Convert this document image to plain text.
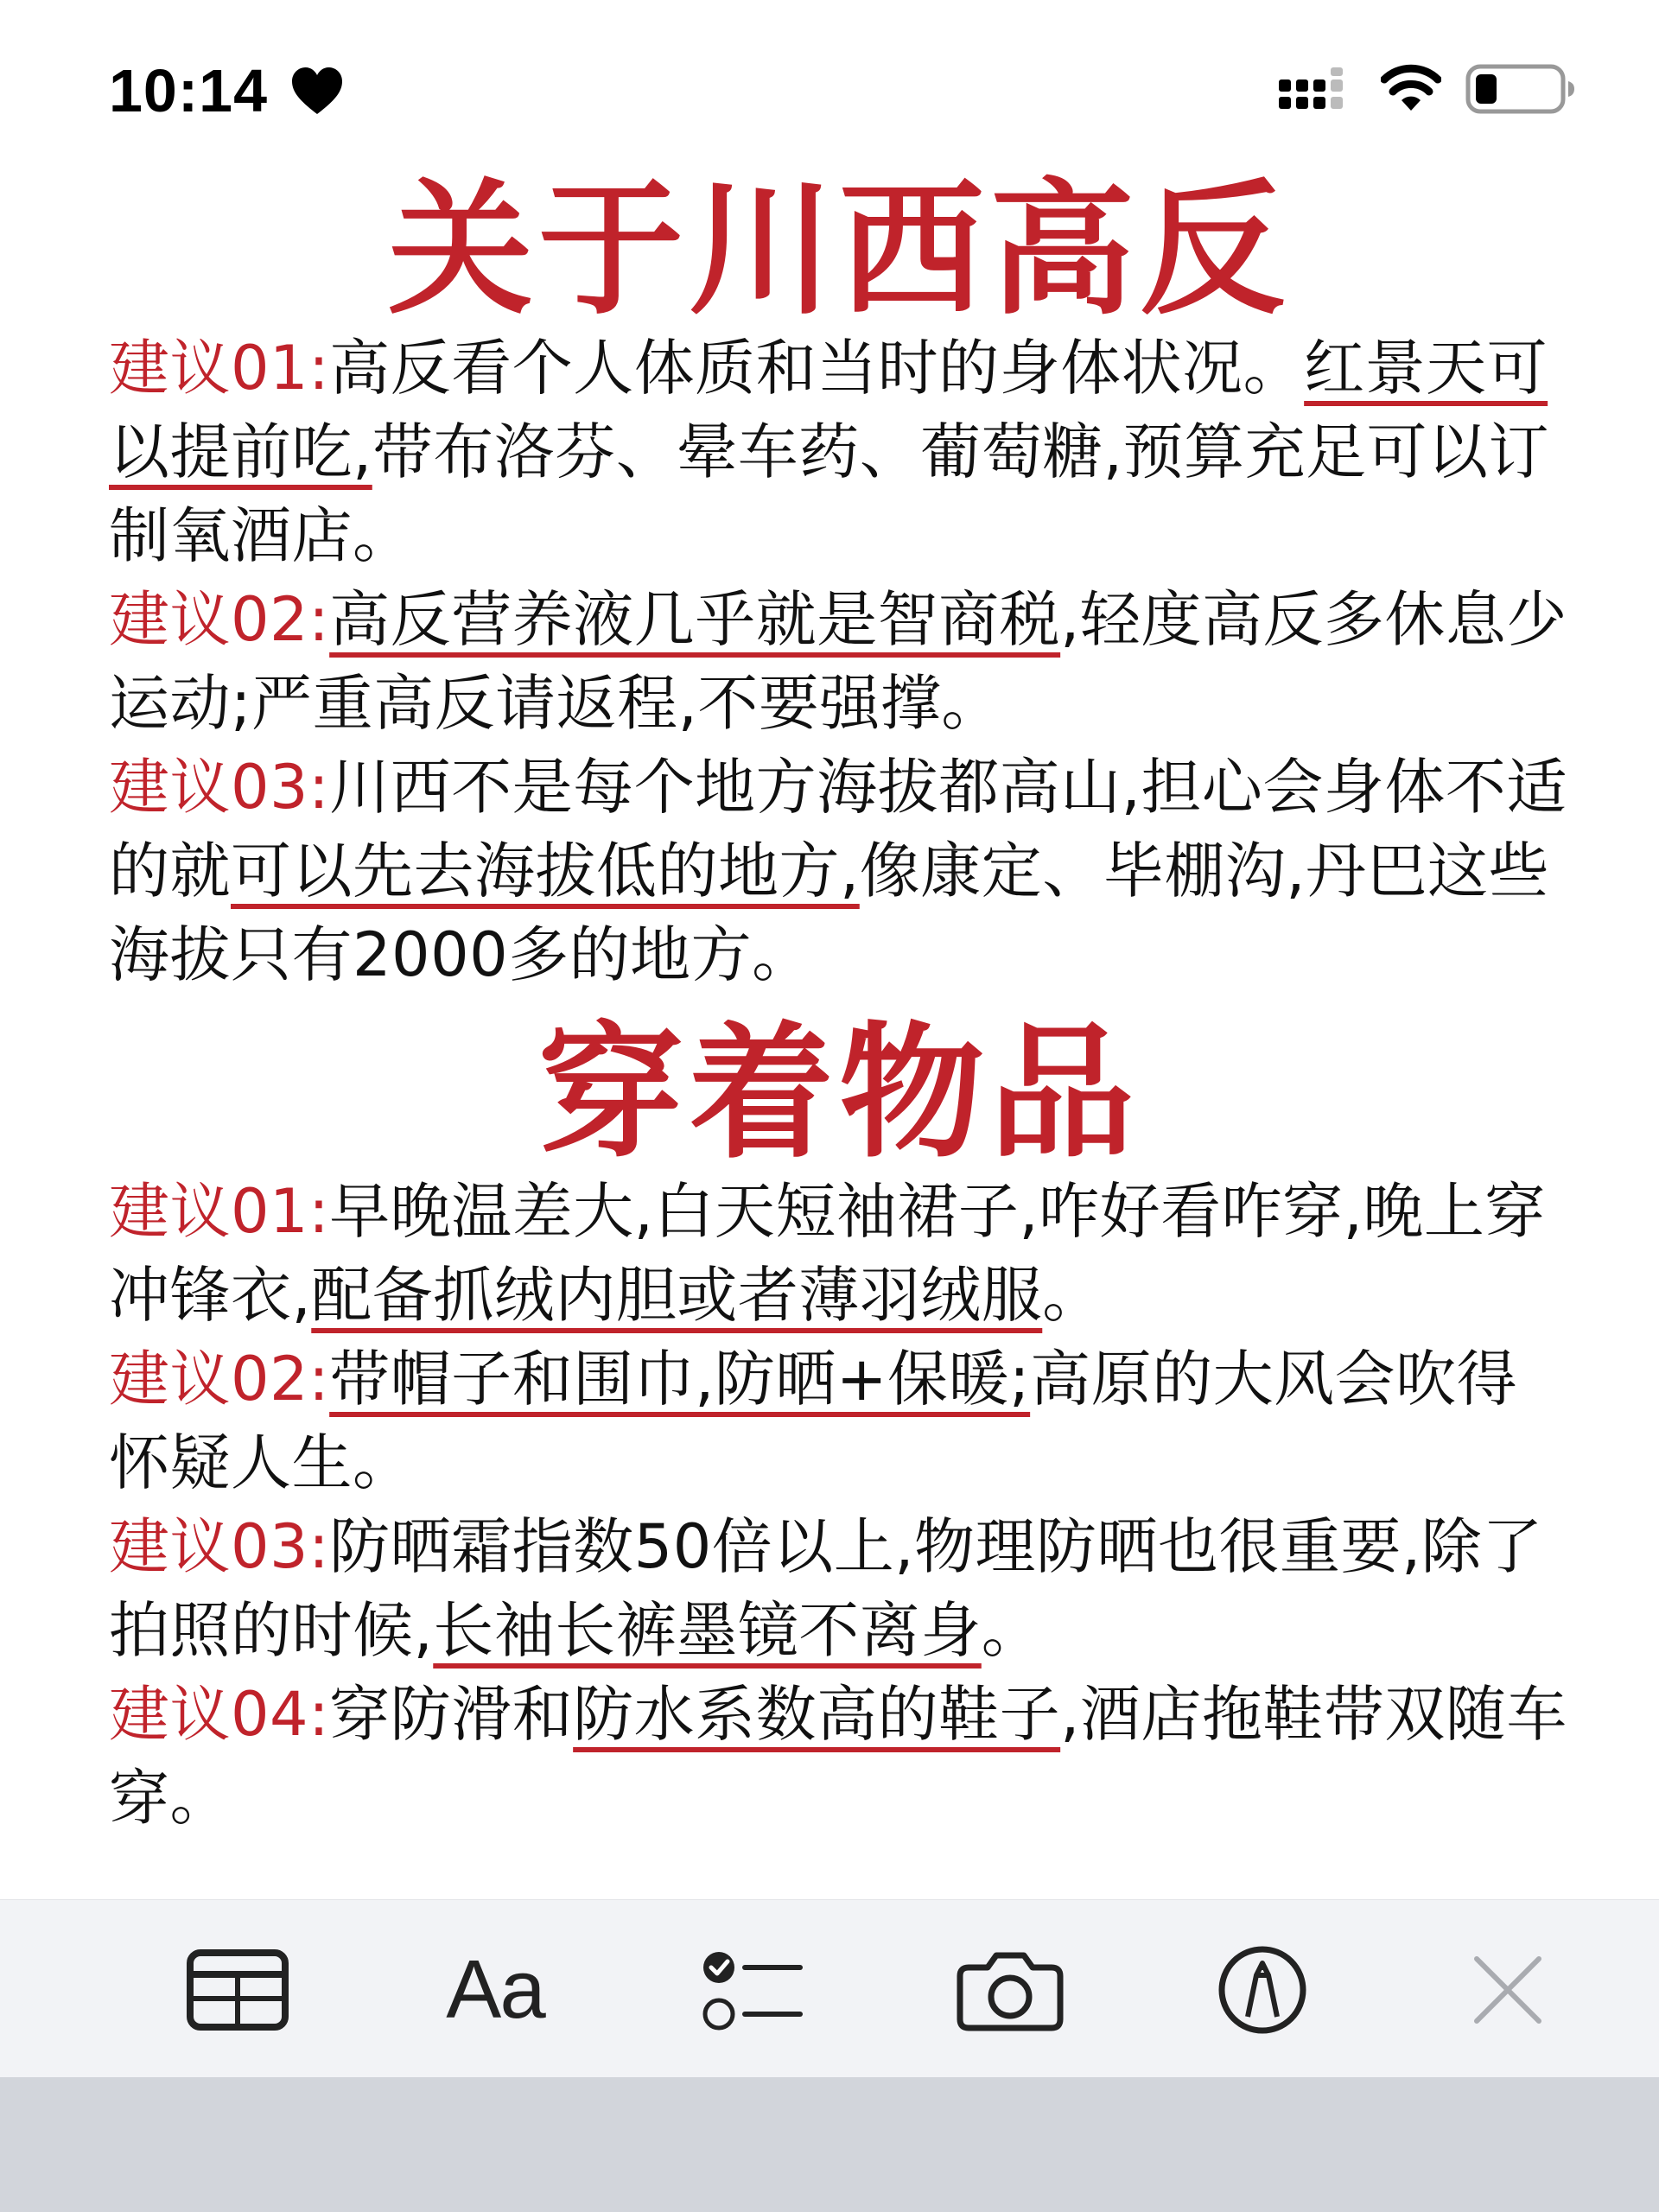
10:14
关于川西高反
建议01:高反看个人体质和当时的身体状况。红景天可以提前吃,带布洛芬、晕车药、葡萄糖,预算充足可以订制氧酒店。
建议02:高反营养液几乎就是智商税,轻度高反多休息少运动;严重高反请返程,不要强撑。
建议03:川西不是每个地方海拔都高山,担心会身体不适的就可以先去海拔低的地方,像康定、毕棚沟,丹巴这些海拔只有2000多的地方。
穿着物品
建议01:早晚温差大,白天短袖裙子,咋好看咋穿,晚上穿冲锋衣,配备抓绒内胆或者薄羽绒服。
建议02:带帽子和围巾,防晒+保暖;高原的大风会吹得怀疑人生。
建议03:防晒霜指数50倍以上,物理防晒也很重要,除了拍照的时候,长袖长裤墨镜不离身。
建议04:穿防滑和防水系数高的鞋子,酒店拖鞋带双随车穿。
Aa
